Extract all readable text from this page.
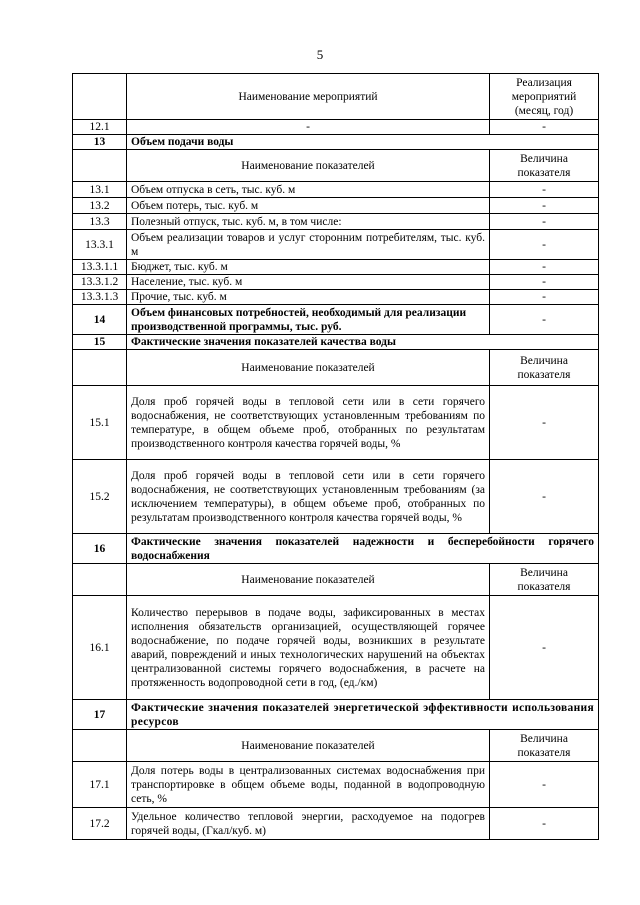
5
	Наименование мероприятий	Реализация мероприятий (месяц, год)
12.1	-	-
13	Объем подачи воды	
	Наименование показателей	Величина показателя
13.1	Объем отпуска в сеть, тыс. куб. м	-
13.2	Объем потерь, тыс. куб. м	-
13.3	Полезный отпуск, тыс. куб. м, в том числе:	-
13.3.1	Объем реализации товаров и услуг сторонним потребителям, тыс. куб. м	-
13.3.1.1	Бюджет, тыс. куб. м	-
13.3.1.2	Население, тыс. куб. м	-
13.3.1.3	Прочие, тыс. куб. м	-
14	Объем финансовых потребностей, необходимый для реализации производственной программы, тыс. руб.	-
15	Фактические значения показателей качества воды	
	Наименование показателей	Величина показателя
15.1	Доля проб горячей воды в тепловой сети или в сети горячего водоснабжения, не соответствующих установленным требованиям по температуре, в общем объеме проб, отобранных по результатам производственного контроля качества горячей воды, %	-
15.2	Доля проб горячей воды в тепловой сети или в сети горячего водоснабжения, не соответствующих установленным требованиям (за исключением температуры), в общем объеме проб, отобранных по результатам производственного контроля качества горячей воды, %	-
16	Фактические значения показателей надежности и бесперебойности горячего водоснабжения	
	Наименование показателей	Величина показателя
16.1	Количество перерывов в подаче воды, зафиксированных в местах исполнения обязательств организацией, осуществляющей горячее водоснабжение, по подаче горячей воды, возникших в результате аварий, повреждений и иных технологических нарушений на объектах централизованной системы горячего водоснабжения, в расчете на протяженность водопроводной сети в год, (ед./км)	-
17	Фактические значения показателей энергетической эффективности использования ресурсов	
	Наименование показателей	Величина показателя
17.1	Доля потерь воды в централизованных системах водоснабжения при транспортировке в общем объеме воды, поданной в водопроводную сеть, %	-
17.2	Удельное количество тепловой энергии, расходуемое на подогрев горячей воды, (Гкал/куб. м)	-
